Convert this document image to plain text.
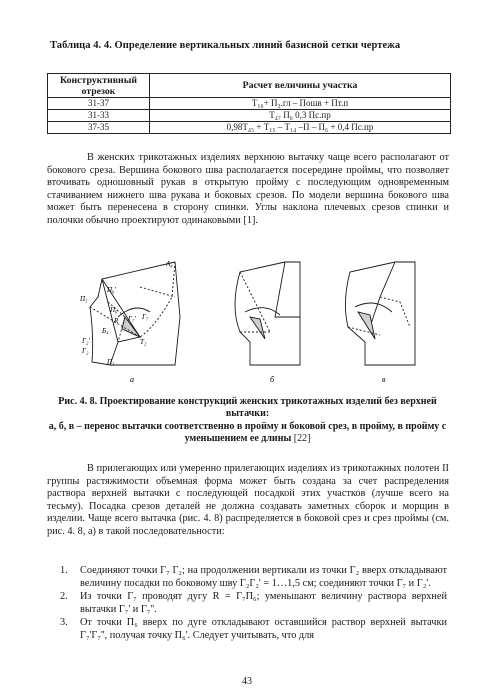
Таблица 4. 4. Определение вертикальных линий базисной сетки чертежа
Конструктивный отрезок	Расчет величины участка
31-37	Т₁₆+ П₃.гл – Пошв + Пт.п
31-33	Т₄₇ П₆ 0,3 Пс.пр
37-35	0,98Т₄₅ + Т₁₅ – Т₁₄ –П – П₆ + 0,4 Пс.пр
В женских трикотажных изделиях верхнюю вытачку чаще всего располагают от бокового среза. Вершина бокового шва располагается посередине проймы, что позволяет вточивать одношовный рукав в открытую пройму с последующим одновременным стачиванием нижнего шва рукава и боковых срезов. По модели вершина бокового шва может быть перенесена в сторону спинки. Углы наклона плечевых срезов спинки и полочки обычно проектируют одинаковыми [1].
А₄
П₅
П₆'
П₆
R	Г₇
Г₇'
Г₂'
Г₂
Б₄
Т₂
П₃
а	б	в
Рис. 4. 8. Проектирование конструкций женских трикотажных изделий без верхней вытачки:
а, б, в – перенос вытачки соответственно в пройму и боковой срез, в пройму, в пройму с уменьшением ее длины [22]
В прилегающих или умеренно прилегающих изделиях из трикотажных полотен II группы растяжимости объемная форма может быть создана за счет распределения раствора верхней вытачки с последующей посадкой этих участков (лучше всего на тесьму). Посадка срезов деталей не должна создавать заметных сборок и морщин в изделии. Чаще всего вытачка (рис. 4. 8) распределяется в боковой срез и срез проймы (см. рис. 4. 8, а) в такой последовательности:
1. Соединяют точки Г₇ Г₂; на продолжении вертикали из точки Г₂ вверх откладывают величину посадки по боковому шву Г₂Г₂' = 1…1,5 см; соединяют точки Г₇ и Г₂'.
2. Из точки Г₇ проводят дугу R = Г₇П₆; уменьшают величину раствора верхней вытачки Г₇' и Г₇''.
3. От точки П₆ вверх по дуге откладывают оставшийся раствор верхней вытачки Г₇'Г₇'', получая точку П₆'. Следует учитывать, что для
43
